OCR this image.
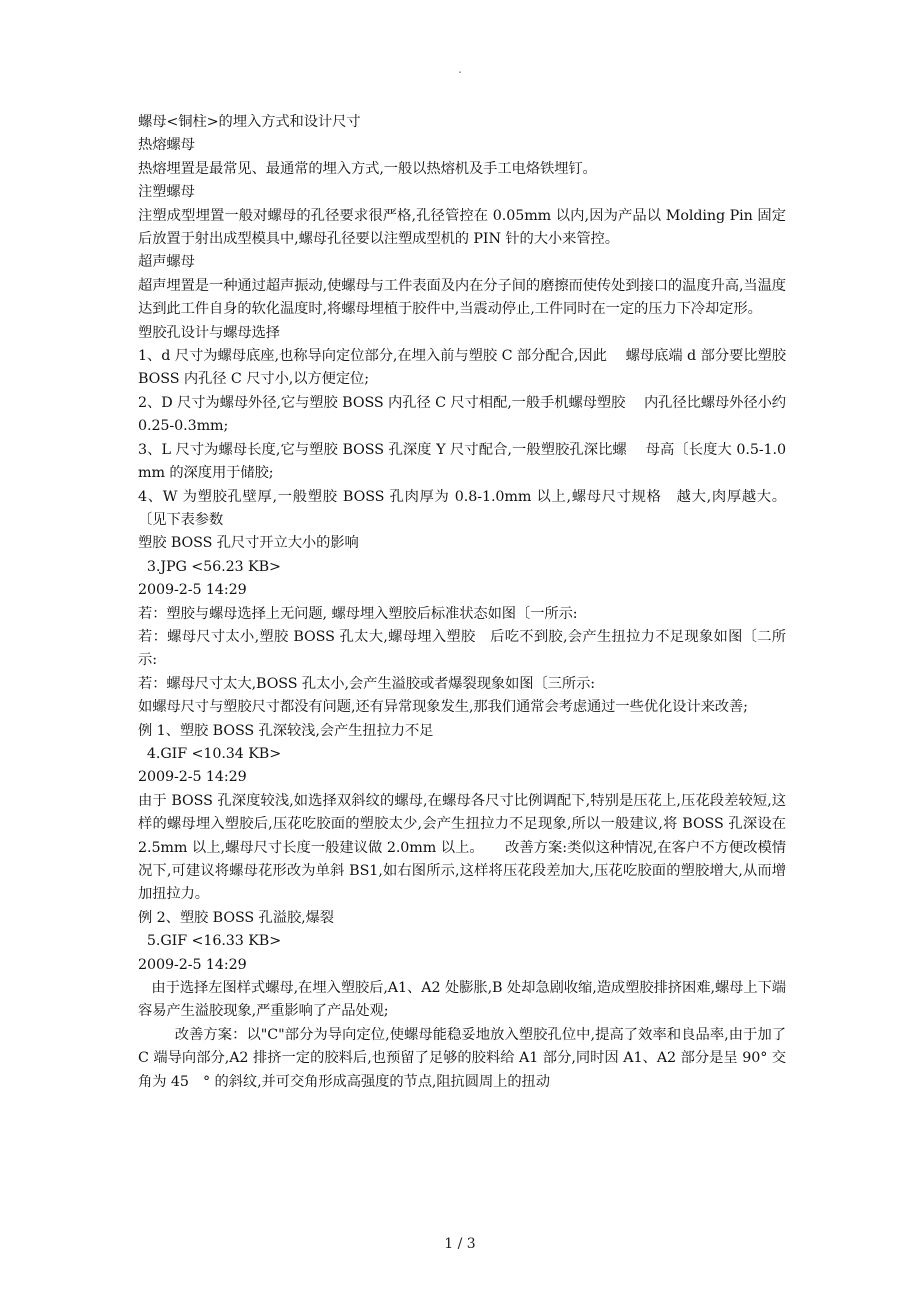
.

螺母<铜柱>的埋入方式和设计尺寸

热熔螺母

热熔埋置是最常见、最通常的埋入方式,一般以热熔机及手工电烙铁埋钉。

注塑螺母

注塑成型埋置一般对螺母的孔径要求很严格,孔径管控在 0.05mm 以内,因为产品以 Molding Pin 固定后放置于射出成型模具中,螺母孔径要以注塑成型机的 PIN 针的大小来管控。

超声螺母

超声埋置是一种通过超声振动,使螺母与工件表面及内在分子间的磨擦而使传处到接口的温度升高,当温度达到此工件自身的软化温度时,将螺母埋植于胶件中,当震动停止,工件同时在一定的压力下冷却定形。

塑胶孔设计与螺母选择

1、d 尺寸为螺母底座,也称导向定位部分,在埋入前与塑胶 C 部分配合,因此　 螺母底端 d 部分要比塑胶 BOSS 内孔径 C 尺寸小,以方便定位;

2、D 尺寸为螺母外径,它与塑胶 BOSS 内孔径 C 尺寸相配,一般手机螺母塑胶　 内孔径比螺母外径小约 0.25-0.3mm;

3、L 尺寸为螺母长度,它与塑胶 BOSS 孔深度 Y 尺寸配合,一般塑胶孔深比螺　 母高〔长度大 0.5-1.0mm 的深度用于储胶;

4、W 为塑胶孔壁厚,一般塑胶 BOSS 孔肉厚为 0.8-1.0mm 以上,螺母尺寸规格　越大,肉厚越大。 〔见下表参数

塑胶 BOSS 孔尺寸开立大小的影响

3.JPG <56.23 KB>

2009-2-5 14:29

若：塑胶与螺母选择上无问题, 螺母埋入塑胶后标准状态如图〔一所示:

若：螺母尺寸太小,塑胶 BOSS 孔太大,螺母埋入塑胶　后吃不到胶,会产生扭拉力不足现象如图〔二所示:

若：螺母尺寸太大,BOSS 孔太小,会产生溢胶或者爆裂现象如图〔三所示:

如螺母尺寸与塑胶尺寸都没有问题,还有异常现象发生,那我们通常会考虑通过一些优化设计来改善;

例 1、塑胶 BOSS 孔深较浅,会产生扭拉力不足

4.GIF <10.34 KB>

2009-2-5 14:29

由于 BOSS 孔深度较浅,如选择双斜纹的螺母,在螺母各尺寸比例调配下,特别是压花上,压花段差较短,这样的螺母埋入塑胶后,压花吃胶面的塑胶太少,会产生扭拉力不足现象,所以一般建议,将 BOSS 孔深设在 2.5mm 以上,螺母尺寸长度一般建议做 2.0mm 以上。　　改善方案:类似这种情况,在客户不方便改模情况下,可建议将螺母花形改为单斜 BS1,如右图所示,这样将压花段差加大,压花吃胶面的塑胶增大,从而增加扭拉力。

例 2、塑胶 BOSS 孔溢胶,爆裂

5.GIF <16.33 KB>

2009-2-5 14:29

由于选择左图样式螺母,在埋入塑胶后,A1、A2 处膨胀,B 处却急剧收缩,造成塑胶排挤困难,螺母上下端容易产生溢胶现象,严重影响了产品处观;

改善方案：以"C"部分为导向定位,使螺母能稳妥地放入塑胶孔位中,提高了效率和良品率,由于加了 C 端导向部分,A2 排挤一定的胶料后,也预留了足够的胶料给 A1 部分,同时因 A1、A2 部分是呈 90° 交角为 45　° 的斜纹,并可交角形成高强度的节点,阻抗圆周上的扭动

1 / 3
